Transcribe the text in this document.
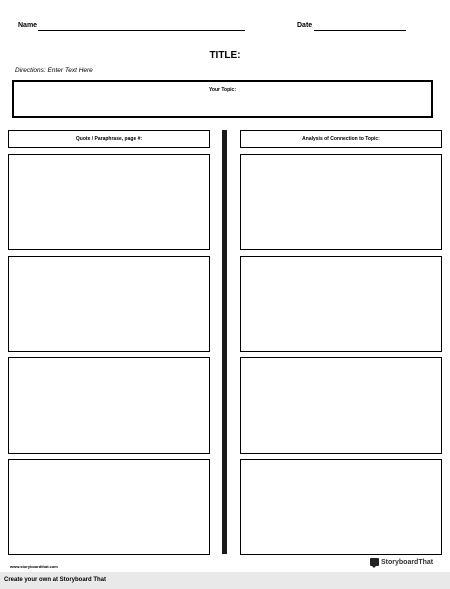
Name	Date
TITLE:
Directions: Enter Text Here
Your Topic:
Quote / Paraphrase, page #:	Analysis of Connection to Topic:
www.storyboardthat.com
StoryboardThat
Create your own at Storyboard That
